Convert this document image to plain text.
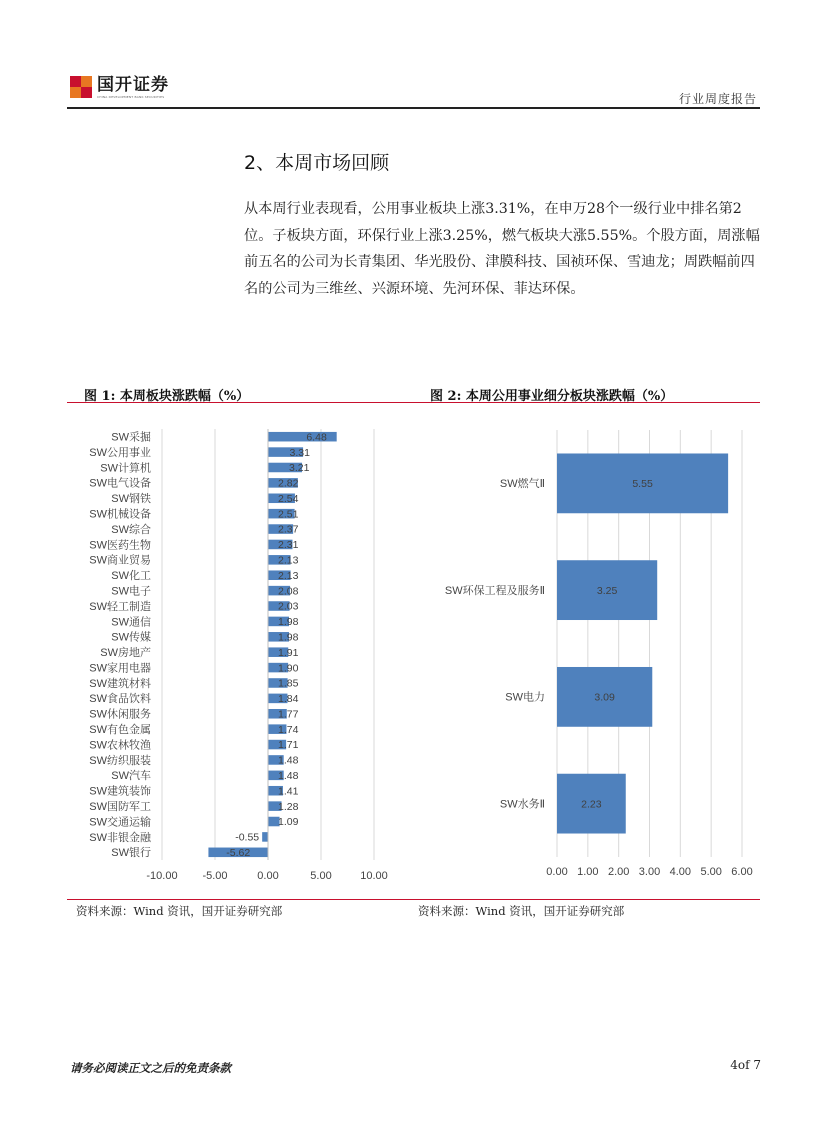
国开证券
CHINA DEVELOPMENT BANK SECURITIES	行业周度报告
2、本周市场回顾
从本周行业表现看，公用事业板块上涨3.31%，在申万28个一级行业中排名第2位。子板块方面，环保行业上涨3.25%，燃气板块大涨5.55%。个股方面，周涨幅前五名的公司为长青集团、华光股份、津膜科技、国祯环保、雪迪龙；周跌幅前四名的公司为三维丝、兴源环境、先河环保、菲达环保。
图 1: 本周板块涨跌幅（%）	图 2: 本周公用事业细分板块涨跌幅（%）
-10.00 -5.00	0.00	5.00	10.00
SW采掘	6.48
SW公用事业	3.31
SW计算机	3.21
SW电气设备	2.82
SW钢铁	2.54
SW机械设备	2.51
SW综合	2.37
SW医药生物	2.31
SW商业贸易	2.13
SW化工	2.13
SW电子	2.08
SW轻工制造	2.03
SW通信	1.98
SW传媒	1.98
SW房地产	1.91
SW家用电器	1.90
SW建筑材料	1.85
SW食品饮料	1.84
SW休闲服务	1.77
SW有色金属	1.74
SW农林牧渔	1.71
SW纺织服装	1.48
SW汽车	1.48
SW建筑装饰	1.41
SW国防军工	1.28
SW交通运输	1.09
SW非银金融	-0.55
SW银行	-5.62
0.00 1.00 2.00 3.00 4.00 5.00 6.00
SW燃气Ⅱ	5.55
SW环保工程及服务Ⅱ	3.25
SW电力	3.09
SW水务Ⅱ	2.23
资料来源：Wind 资讯，国开证券研究部	资料来源：Wind 资讯，国开证券研究部
请务必阅读正文之后的免责条款	4of 7
